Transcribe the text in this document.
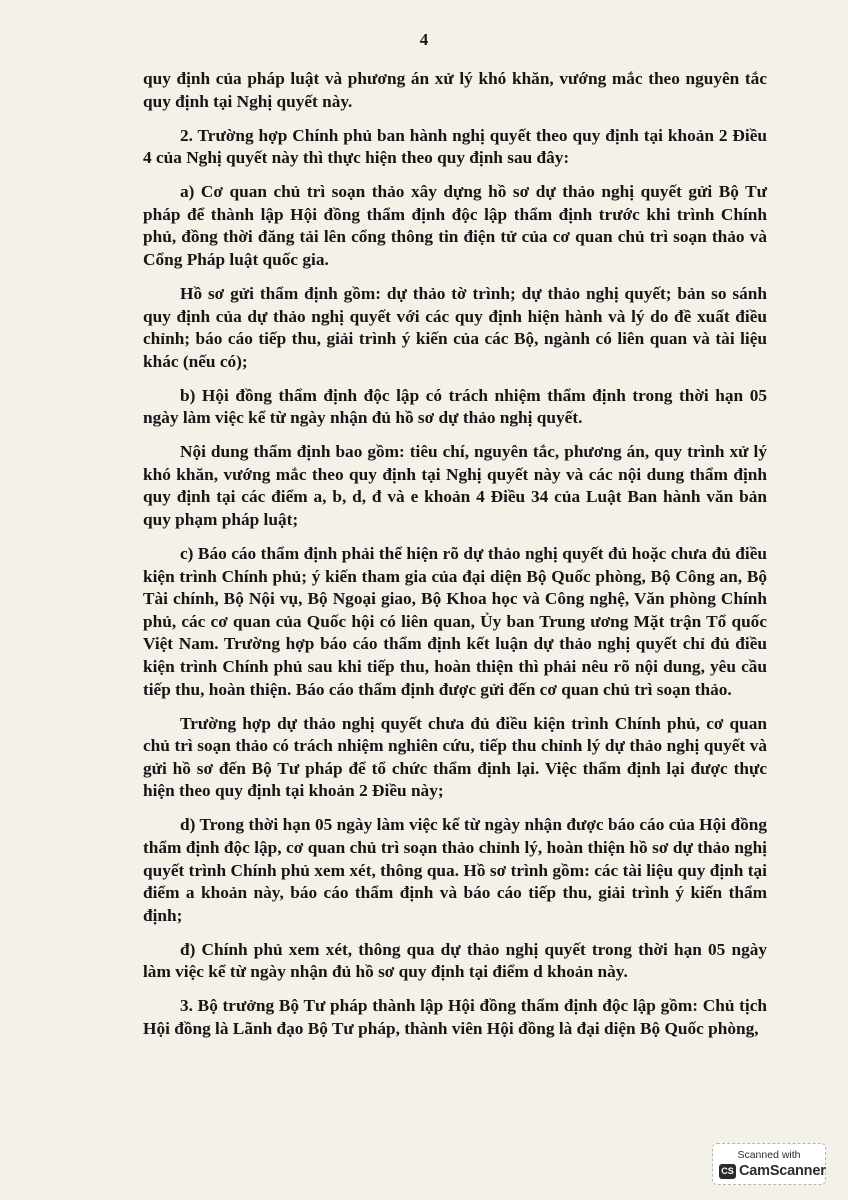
4

quy định của pháp luật và phương án xử lý khó khăn, vướng mắc theo nguyên tắc quy định tại Nghị quyết này.

2. Trường hợp Chính phủ ban hành nghị quyết theo quy định tại khoản 2 Điều 4 của Nghị quyết này thì thực hiện theo quy định sau đây:

a) Cơ quan chủ trì soạn thảo xây dựng hồ sơ dự thảo nghị quyết gửi Bộ Tư pháp để thành lập Hội đồng thẩm định độc lập thẩm định trước khi trình Chính phủ, đồng thời đăng tải lên cổng thông tin điện tử của cơ quan chủ trì soạn thảo và Cổng Pháp luật quốc gia.

Hồ sơ gửi thẩm định gồm: dự thảo tờ trình; dự thảo nghị quyết; bản so sánh quy định của dự thảo nghị quyết với các quy định hiện hành và lý do đề xuất điều chỉnh; báo cáo tiếp thu, giải trình ý kiến của các Bộ, ngành có liên quan và tài liệu khác (nếu có);

b) Hội đồng thẩm định độc lập có trách nhiệm thẩm định trong thời hạn 05 ngày làm việc kể từ ngày nhận đủ hồ sơ dự thảo nghị quyết.

Nội dung thẩm định bao gồm: tiêu chí, nguyên tắc, phương án, quy trình xử lý khó khăn, vướng mắc theo quy định tại Nghị quyết này và các nội dung thẩm định quy định tại các điểm a, b, d, đ và e khoản 4 Điều 34 của Luật Ban hành văn bản quy phạm pháp luật;

c) Báo cáo thẩm định phải thể hiện rõ dự thảo nghị quyết đủ hoặc chưa đủ điều kiện trình Chính phủ; ý kiến tham gia của đại diện Bộ Quốc phòng, Bộ Công an, Bộ Tài chính, Bộ Nội vụ, Bộ Ngoại giao, Bộ Khoa học và Công nghệ, Văn phòng Chính phủ, các cơ quan của Quốc hội có liên quan, Ủy ban Trung ương Mặt trận Tổ quốc Việt Nam. Trường hợp báo cáo thẩm định kết luận dự thảo nghị quyết chỉ đủ điều kiện trình Chính phủ sau khi tiếp thu, hoàn thiện thì phải nêu rõ nội dung, yêu cầu tiếp thu, hoàn thiện. Báo cáo thẩm định được gửi đến cơ quan chủ trì soạn thảo.

Trường hợp dự thảo nghị quyết chưa đủ điều kiện trình Chính phủ, cơ quan chủ trì soạn thảo có trách nhiệm nghiên cứu, tiếp thu chỉnh lý dự thảo nghị quyết và gửi hồ sơ đến Bộ Tư pháp để tổ chức thẩm định lại. Việc thẩm định lại được thực hiện theo quy định tại khoản 2 Điều này;

d) Trong thời hạn 05 ngày làm việc kể từ ngày nhận được báo cáo của Hội đồng thẩm định độc lập, cơ quan chủ trì soạn thảo chỉnh lý, hoàn thiện hồ sơ dự thảo nghị quyết trình Chính phủ xem xét, thông qua. Hồ sơ trình gồm: các tài liệu quy định tại điểm a khoản này, báo cáo thẩm định và báo cáo tiếp thu, giải trình ý kiến thẩm định;

đ) Chính phủ xem xét, thông qua dự thảo nghị quyết trong thời hạn 05 ngày làm việc kể từ ngày nhận đủ hồ sơ quy định tại điểm d khoản này.

3. Bộ trưởng Bộ Tư pháp thành lập Hội đồng thẩm định độc lập gồm: Chủ tịch Hội đồng là Lãnh đạo Bộ Tư pháp, thành viên Hội đồng là đại diện Bộ Quốc phòng,

Scanned with
CS CamScanner
